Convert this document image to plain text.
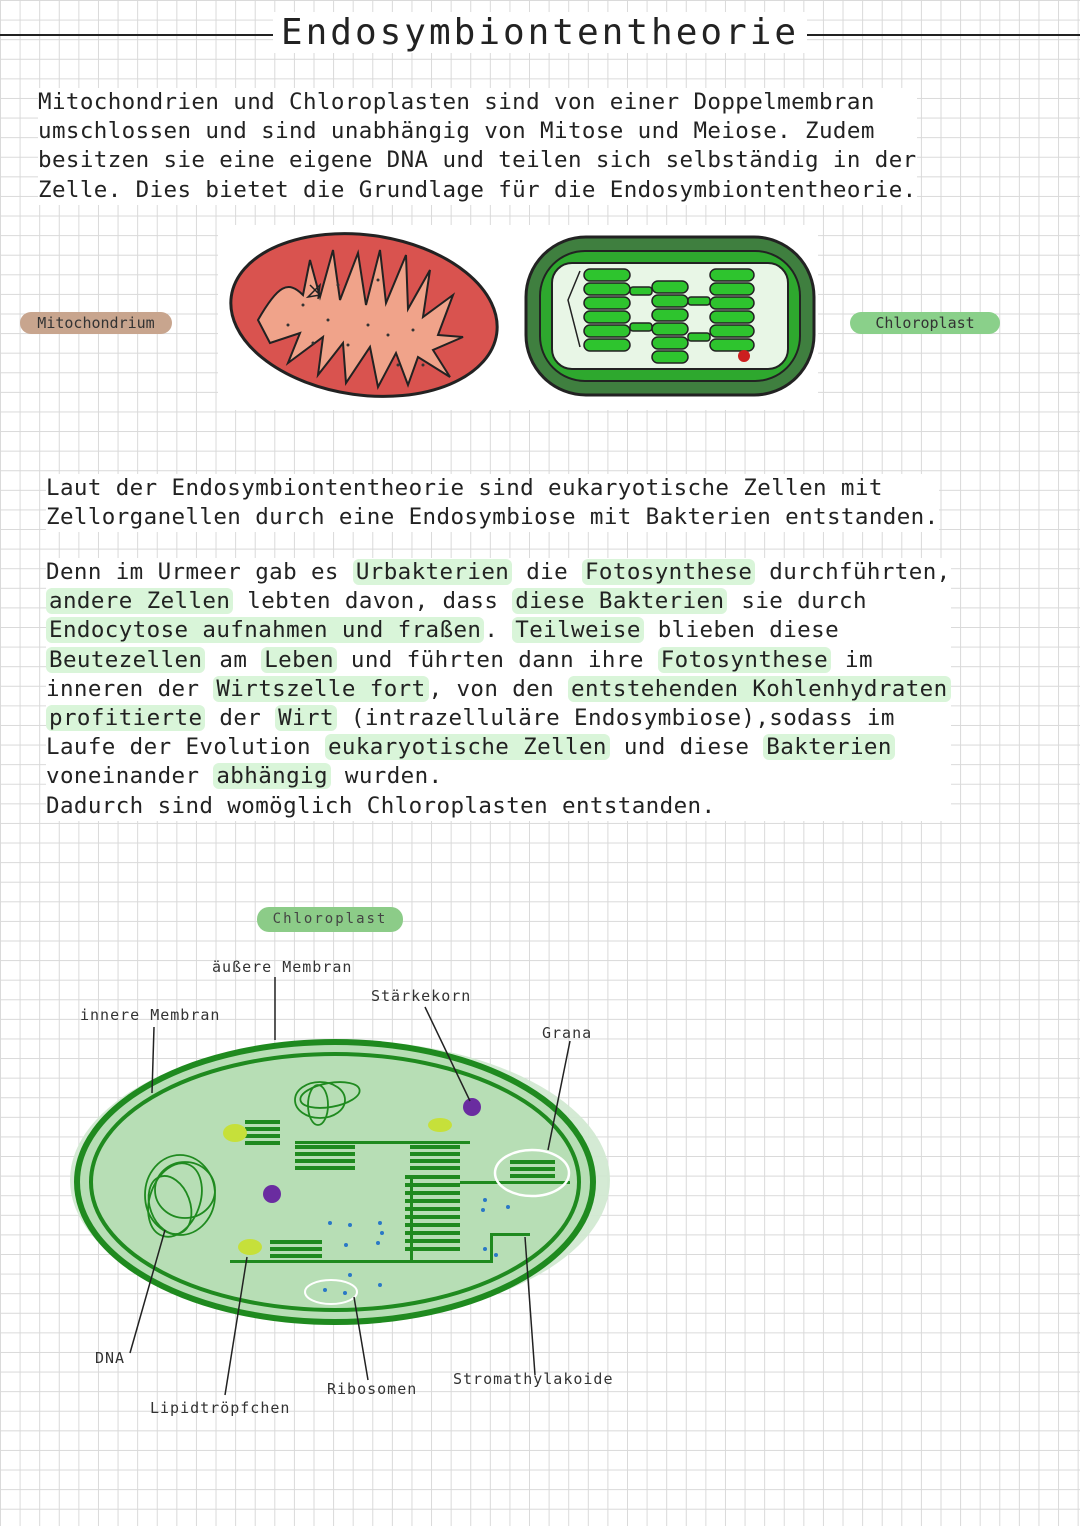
Endosymbiontentheorie

Mitochondrien und Chloroplasten sind von einer Doppelmembran
umschlossen und sind unabhängig von Mitose und Meiose. Zudem
besitzen sie eine eigene DNA und teilen sich selbständig in der
Zelle. Dies bietet die Grundlage für die Endosymbiontentheorie.

Mitochondrium	Chloroplast

Laut der Endosymbiontentheorie sind eukaryotische Zellen mit
Zellorganellen durch eine Endosymbiose mit Bakterien entstanden.

Denn im Urmeer gab es Urbakterien die Fotosynthese durchführten,
andere Zellen lebten davon, dass diese Bakterien sie durch
Endocytose aufnahmen und fraßen . Teilweise blieben diese
Beutezellen am Leben und führten dann ihre Fotosynthese im
inneren der Wirtszelle fort , von den entstehenden Kohlenhydraten
profitierte der Wirt (intrazelluläre Endosymbiose),sodass im
Laufe der Evolution eukaryotische Zellen und diese Bakterien
voneinander abhängig wurden.
Dadurch sind womöglich Chloroplasten entstanden.

Chloroplast
äußere Membran
innere Membran
Stärkekorn
Grana
DNA
Lipidtröpfchen
Ribosomen
Stromathylakoide
